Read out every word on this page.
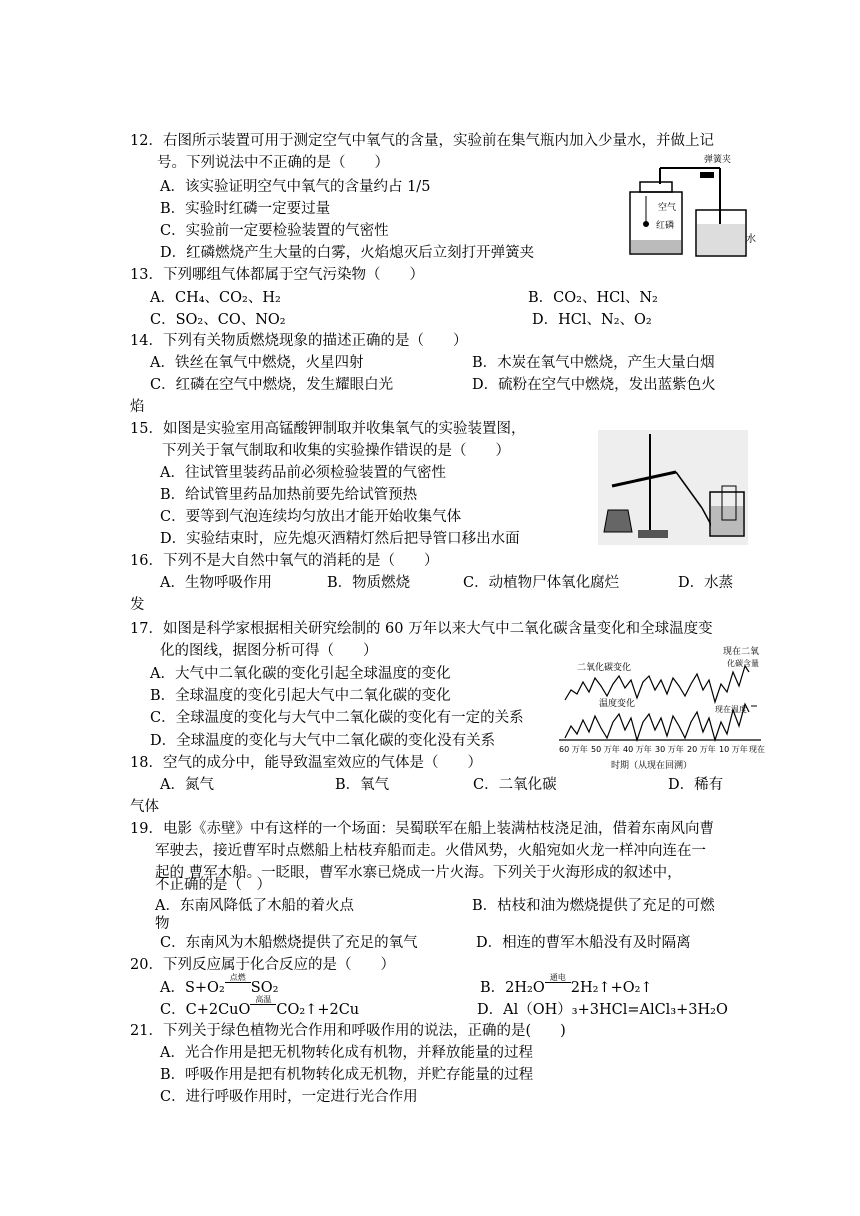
12．右图所示装置可用于测定空气中氧气的含量，实验前在集气瓶内加入少量水，并做上记
号。下列说法中不正确的是（　　）
A．该实验证明空气中氧气的含量约占 1/5
B．实验时红磷一定要过量
C．实验前一定要检验装置的气密性
D．红磷燃烧产生大量的白雾，火焰熄灭后立刻打开弹簧夹
弹簧夹
空气
红磷
水
13．下列哪组气体都属于空气污染物（　　）
A．CH₄、CO₂、H₂	B．CO₂、HCl、N₂
C．SO₂、CO、NO₂	D．HCl、N₂、O₂
14．下列有关物质燃烧现象的描述正确的是（　　）
A．铁丝在氧气中燃烧，火星四射	B．木炭在氧气中燃烧，产生大量白烟
C．红磷在空气中燃烧，发生耀眼白光	D．硫粉在空气中燃烧，发出蓝紫色火
焰
15．如图是实验室用高锰酸钾制取并收集氧气的实验装置图，
下列关于氧气制取和收集的实验操作错误的是（　　）
A．往试管里装药品前必须检验装置的气密性
B．给试管里药品加热前要先给试管预热
C．要等到气泡连续均匀放出才能开始收集气体
D．实验结束时，应先熄灭酒精灯然后把导管口移出水面
16．下列不是大自然中氧气的消耗的是（　　）
A．生物呼吸作用	B．物质燃烧	C．动植物尸体氧化腐烂	D．水蒸
发
17．如图是科学家根据相关研究绘制的 60 万年以来大气中二氧化碳含量变化和全球温度变
化的图线，据图分析可得（　　）
A．大气中二氧化碳的变化引起全球温度的变化
B．全球温度的变化引起大气中二氧化碳的变化
C．全球温度的变化与大气中二氧化碳的变化有一定的关系
D．全球温度的变化与大气中二氧化碳的变化没有关系
二氧化碳变化
温度变化
现在二氧
化碳含量
现在温度
60 万年 50 万年 40 万年 30 万年 20 万年 10 万年 现在
时期（从现在回溯）
18．空气的成分中，能导致温室效应的气体是（　　）
A．氮气	B．氧气	C．二氧化碳	D．稀有
气体
19．电影《赤壁》中有这样的一个场面：吴蜀联军在船上装满枯枝浇足油，借着东南风向曹
军驶去，接近曹军时点燃船上枯枝弃船而走。火借风势，火船宛如火龙一样冲向连在一
起的 曹军木船。一眨眼，曹军水寨已烧成一片火海。下列关于火海形成的叙述中，
不正确的是（　）
A．东南风降低了木船的着火点	B．枯枝和油为燃烧提供了充足的可燃
物
C．东南风为木船燃烧提供了充足的氧气	D．相连的曹军木船没有及时隔离
20．下列反应属于化合反应的是（　　）
A．S+O₂
点燃
SO₂	B．2H₂O
通电
2H₂↑+O₂↑
C．C+2CuO
高温
CO₂↑+2Cu	D．Al（OH）₃+3HCl=AlCl₃+3H₂O
21．下列关于绿色植物光合作用和呼吸作用的说法，正确的是(　　)
A．光合作用是把无机物转化成有机物，并释放能量的过程
B．呼吸作用是把有机物转化成无机物，并贮存能量的过程
C．进行呼吸作用时，一定进行光合作用
